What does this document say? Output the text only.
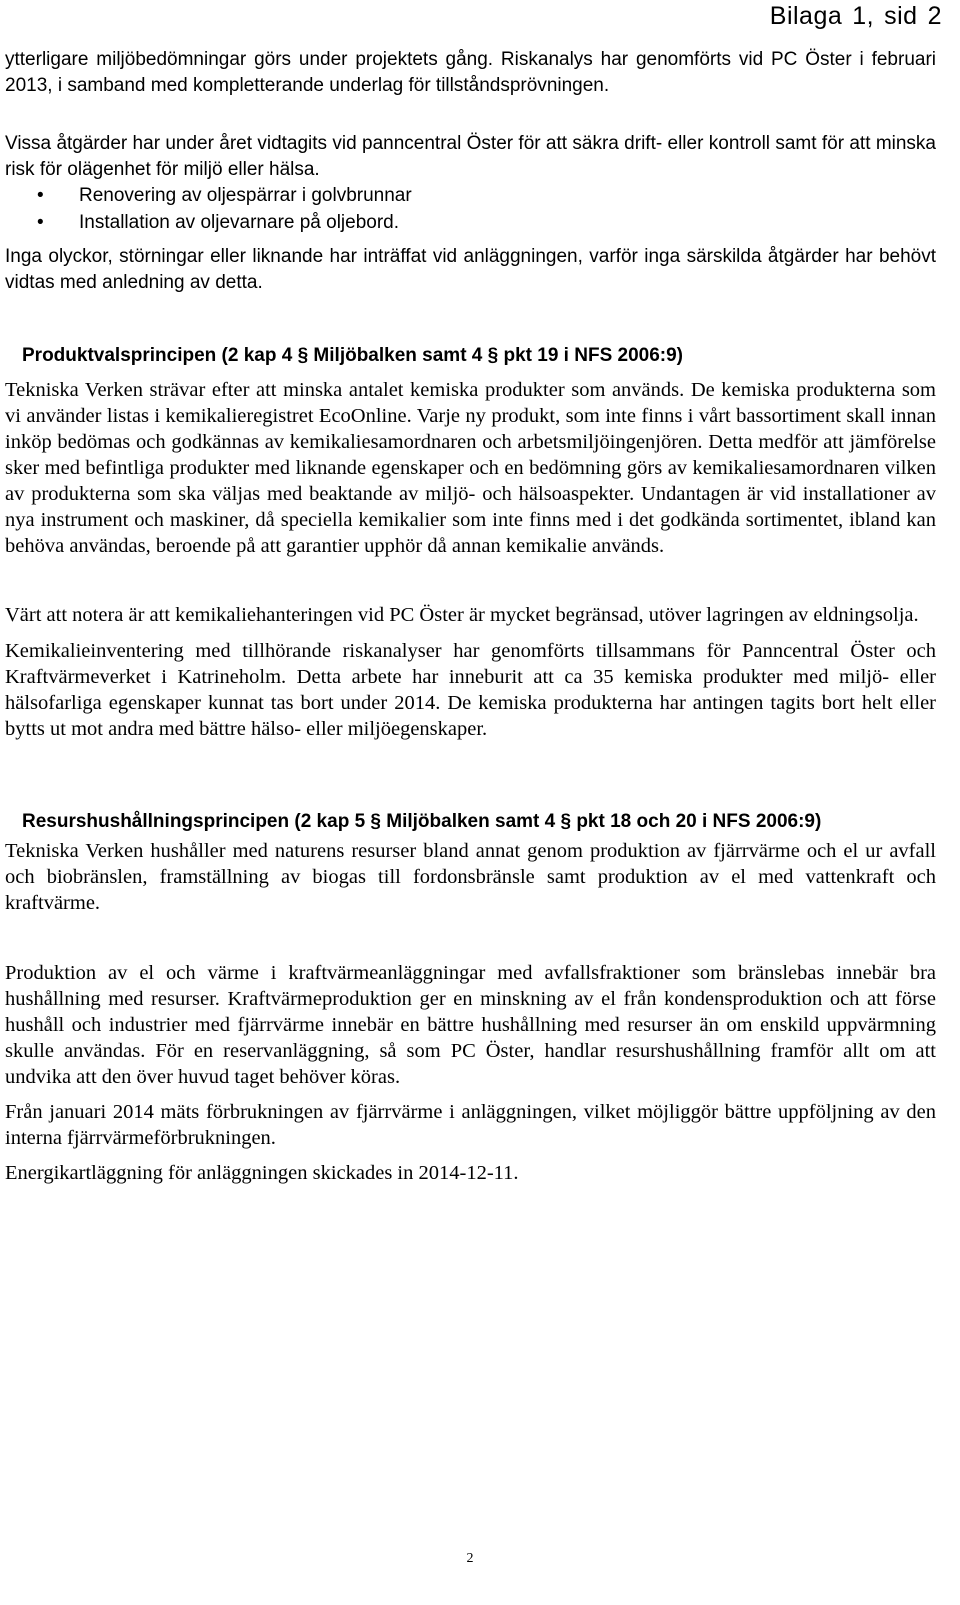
Bilaga 1, sid 2

ytterligare miljöbedömningar görs under projektets gång. Riskanalys har genomförts vid PC Öster i februari 2013, i samband med kompletterande underlag för tillståndsprövningen.

Vissa åtgärder har under året vidtagits vid panncentral Öster för att säkra drift- eller kontroll samt för att minska risk för olägenhet för miljö eller hälsa.

• Renovering av oljespärrar i golvbrunnar
• Installation av oljevarnare på oljebord.

Inga olyckor, störningar eller liknande har inträffat vid anläggningen, varför inga särskilda åtgärder har behövt vidtas med anledning av detta.

Produktvalsprincipen (2 kap 4 § Miljöbalken samt 4 § pkt 19 i NFS 2006:9)

Tekniska Verken strävar efter att minska antalet kemiska produkter som används. De kemiska produkterna som vi använder listas i kemikalieregistret EcoOnline. Varje ny produkt, som inte finns i vårt bassortiment skall innan inköp bedömas och godkännas av kemikaliesamordnaren och arbetsmiljöingenjören. Detta medför att jämförelse sker med befintliga produkter med liknande egenskaper och en bedömning görs av kemikaliesamordnaren vilken av produkterna som ska väljas med beaktande av miljö- och hälsoaspekter. Undantagen är vid installationer av nya instrument och maskiner, då speciella kemikalier som inte finns med i det godkända sortimentet, ibland kan behöva användas, beroende på att garantier upphör då annan kemikalie används.

Värt att notera är att kemikaliehanteringen vid PC Öster är mycket begränsad, utöver lagringen av eldningsolja.

Kemikalieinventering med tillhörande riskanalyser har genomförts tillsammans för Panncentral Öster och Kraftvärmeverket i Katrineholm. Detta arbete har inneburit att ca 35 kemiska produkter med miljö- eller hälsofarliga egenskaper kunnat tas bort under 2014. De kemiska produkterna har antingen tagits bort helt eller bytts ut mot andra med bättre hälso- eller miljöegenskaper.

Resurshushållningsprincipen (2 kap 5 § Miljöbalken samt 4 § pkt 18 och 20 i NFS 2006:9)

Tekniska Verken hushåller med naturens resurser bland annat genom produktion av fjärrvärme och el ur avfall och biobränslen, framställning av biogas till fordonsbränsle samt produktion av el med vattenkraft och kraftvärme.

Produktion av el och värme i kraftvärmeanläggningar med avfallsfraktioner som bränslebas innebär bra hushållning med resurser. Kraftvärmeproduktion ger en minskning av el från kondensproduktion och att förse hushåll och industrier med fjärrvärme innebär en bättre hushållning med resurser än om enskild uppvärmning skulle användas. För en reservanläggning, så som PC Öster, handlar resurshushållning framför allt om att undvika att den över huvud taget behöver köras.

Från januari 2014 mäts förbrukningen av fjärrvärme i anläggningen, vilket möjliggör bättre uppföljning av den interna fjärrvärmeförbrukningen.

Energikartläggning för anläggningen skickades in 2014-12-11.

2
